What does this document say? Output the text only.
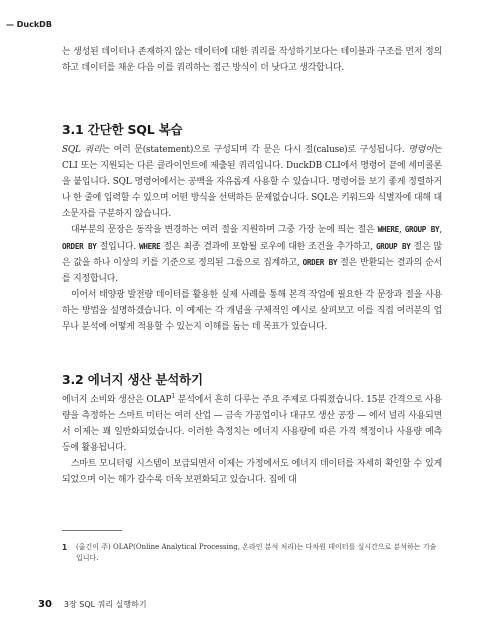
— DuckDB

는 생성된 데이터나 존재하지 않는 데이터에 대한 쿼리를 작성하기보다는 테이블과 구조를 먼저 정의하고 데이터를 채운 다음 이를 쿼리하는 접근 방식이 더 낫다고 생각합니다.

3.1 간단한 SQL 복습

SQL 쿼리는 여러 문(statement)으로 구성되며 각 문은 다시 절(caluse)로 구성됩니다. 명령어는 CLI 또는 지원되는 다른 클라이언트에 제출된 쿼리입니다. DuckDB CLI에서 명령어 끝에 세미콜론을 붙입니다. SQL 명령어에서는 공백을 자유롭게 사용할 수 있습니다. 명령어를 보기 좋게 정렬하거나 한 줄에 입력할 수 있으며 어떤 방식을 선택하든 문제없습니다. SQL은 키워드와 식별자에 대해 대소문자를 구분하지 않습니다.

대부분의 문장은 동작을 변경하는 여러 절을 지원하며 그중 가장 눈에 띄는 절은 WHERE, GROUP BY, ORDER BY 절입니다. WHERE 절은 최종 결과에 포함될 로우에 대한 조건을 추가하고, GROUP BY 절은 많은 값을 하나 이상의 키를 기준으로 정의된 그룹으로 집계하고, ORDER BY 절은 반환되는 결과의 순서를 지정합니다.

이어서 태양광 발전량 데이터를 활용한 실제 사례를 통해 본격 작업에 필요한 각 문장과 절을 사용하는 방법을 설명하겠습니다. 이 예제는 각 개념을 구체적인 예시로 살펴보고 이를 직접 여러분의 업무나 분석에 어떻게 적용할 수 있는지 이해를 돕는 데 목표가 있습니다.

3.2 에너지 생산 분석하기

에너지 소비와 생산은 OLAP$^1$ 분석에서 흔히 다루는 주요 주제로 다뤄졌습니다. 15분 간격으로 사용량을 측정하는 스마트 미터는 여러 산업 — 금속 가공업이나 대규모 생산 공장 — 에서 널리 사용되면서 이제는 꽤 일반화되었습니다. 이러한 측정치는 에너지 사용량에 따른 가격 책정이나 사용량 예측 등에 활용됩니다.

스마트 모니터링 시스템이 보급되면서 이제는 가정에서도 에너지 데이터를 자세히 확인할 수 있게 되었으며 이는 해가 갈수록 더욱 보편화되고 있습니다. 집에 대

1 (옮긴이 주) OLAP(Online Analytical Processing, 온라인 분석 처리)는 다차원 데이터를 실시간으로 분석하는 기술입니다.
30 3장 SQL 쿼리 실행하기
